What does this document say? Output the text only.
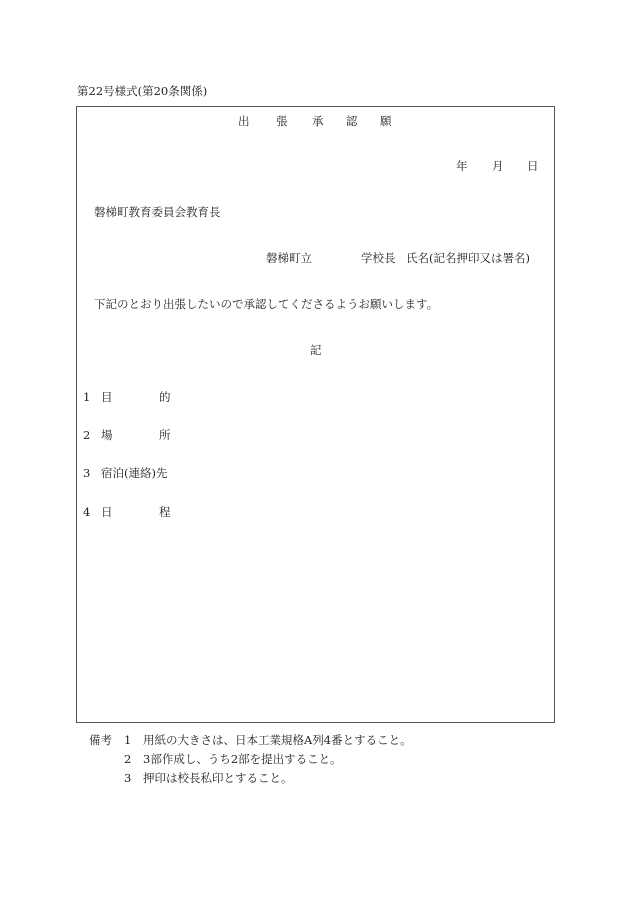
第22号様式(第20条関係)
出 張 承 認 願
年 月 日
磐梯町教育委員会教育長
磐梯町立	学校長 氏名(記名押印又は署名)
下記のとおり出張したいので承認してくださるようお願いします。
記
1 目	的
2 場	所
3 宿泊(連絡)先
4 日	程
備考 1 用紙の大きさは、日本工業規格A列4番とすること。
2 3部作成し、うち2部を提出すること。
3 押印は校長私印とすること。
